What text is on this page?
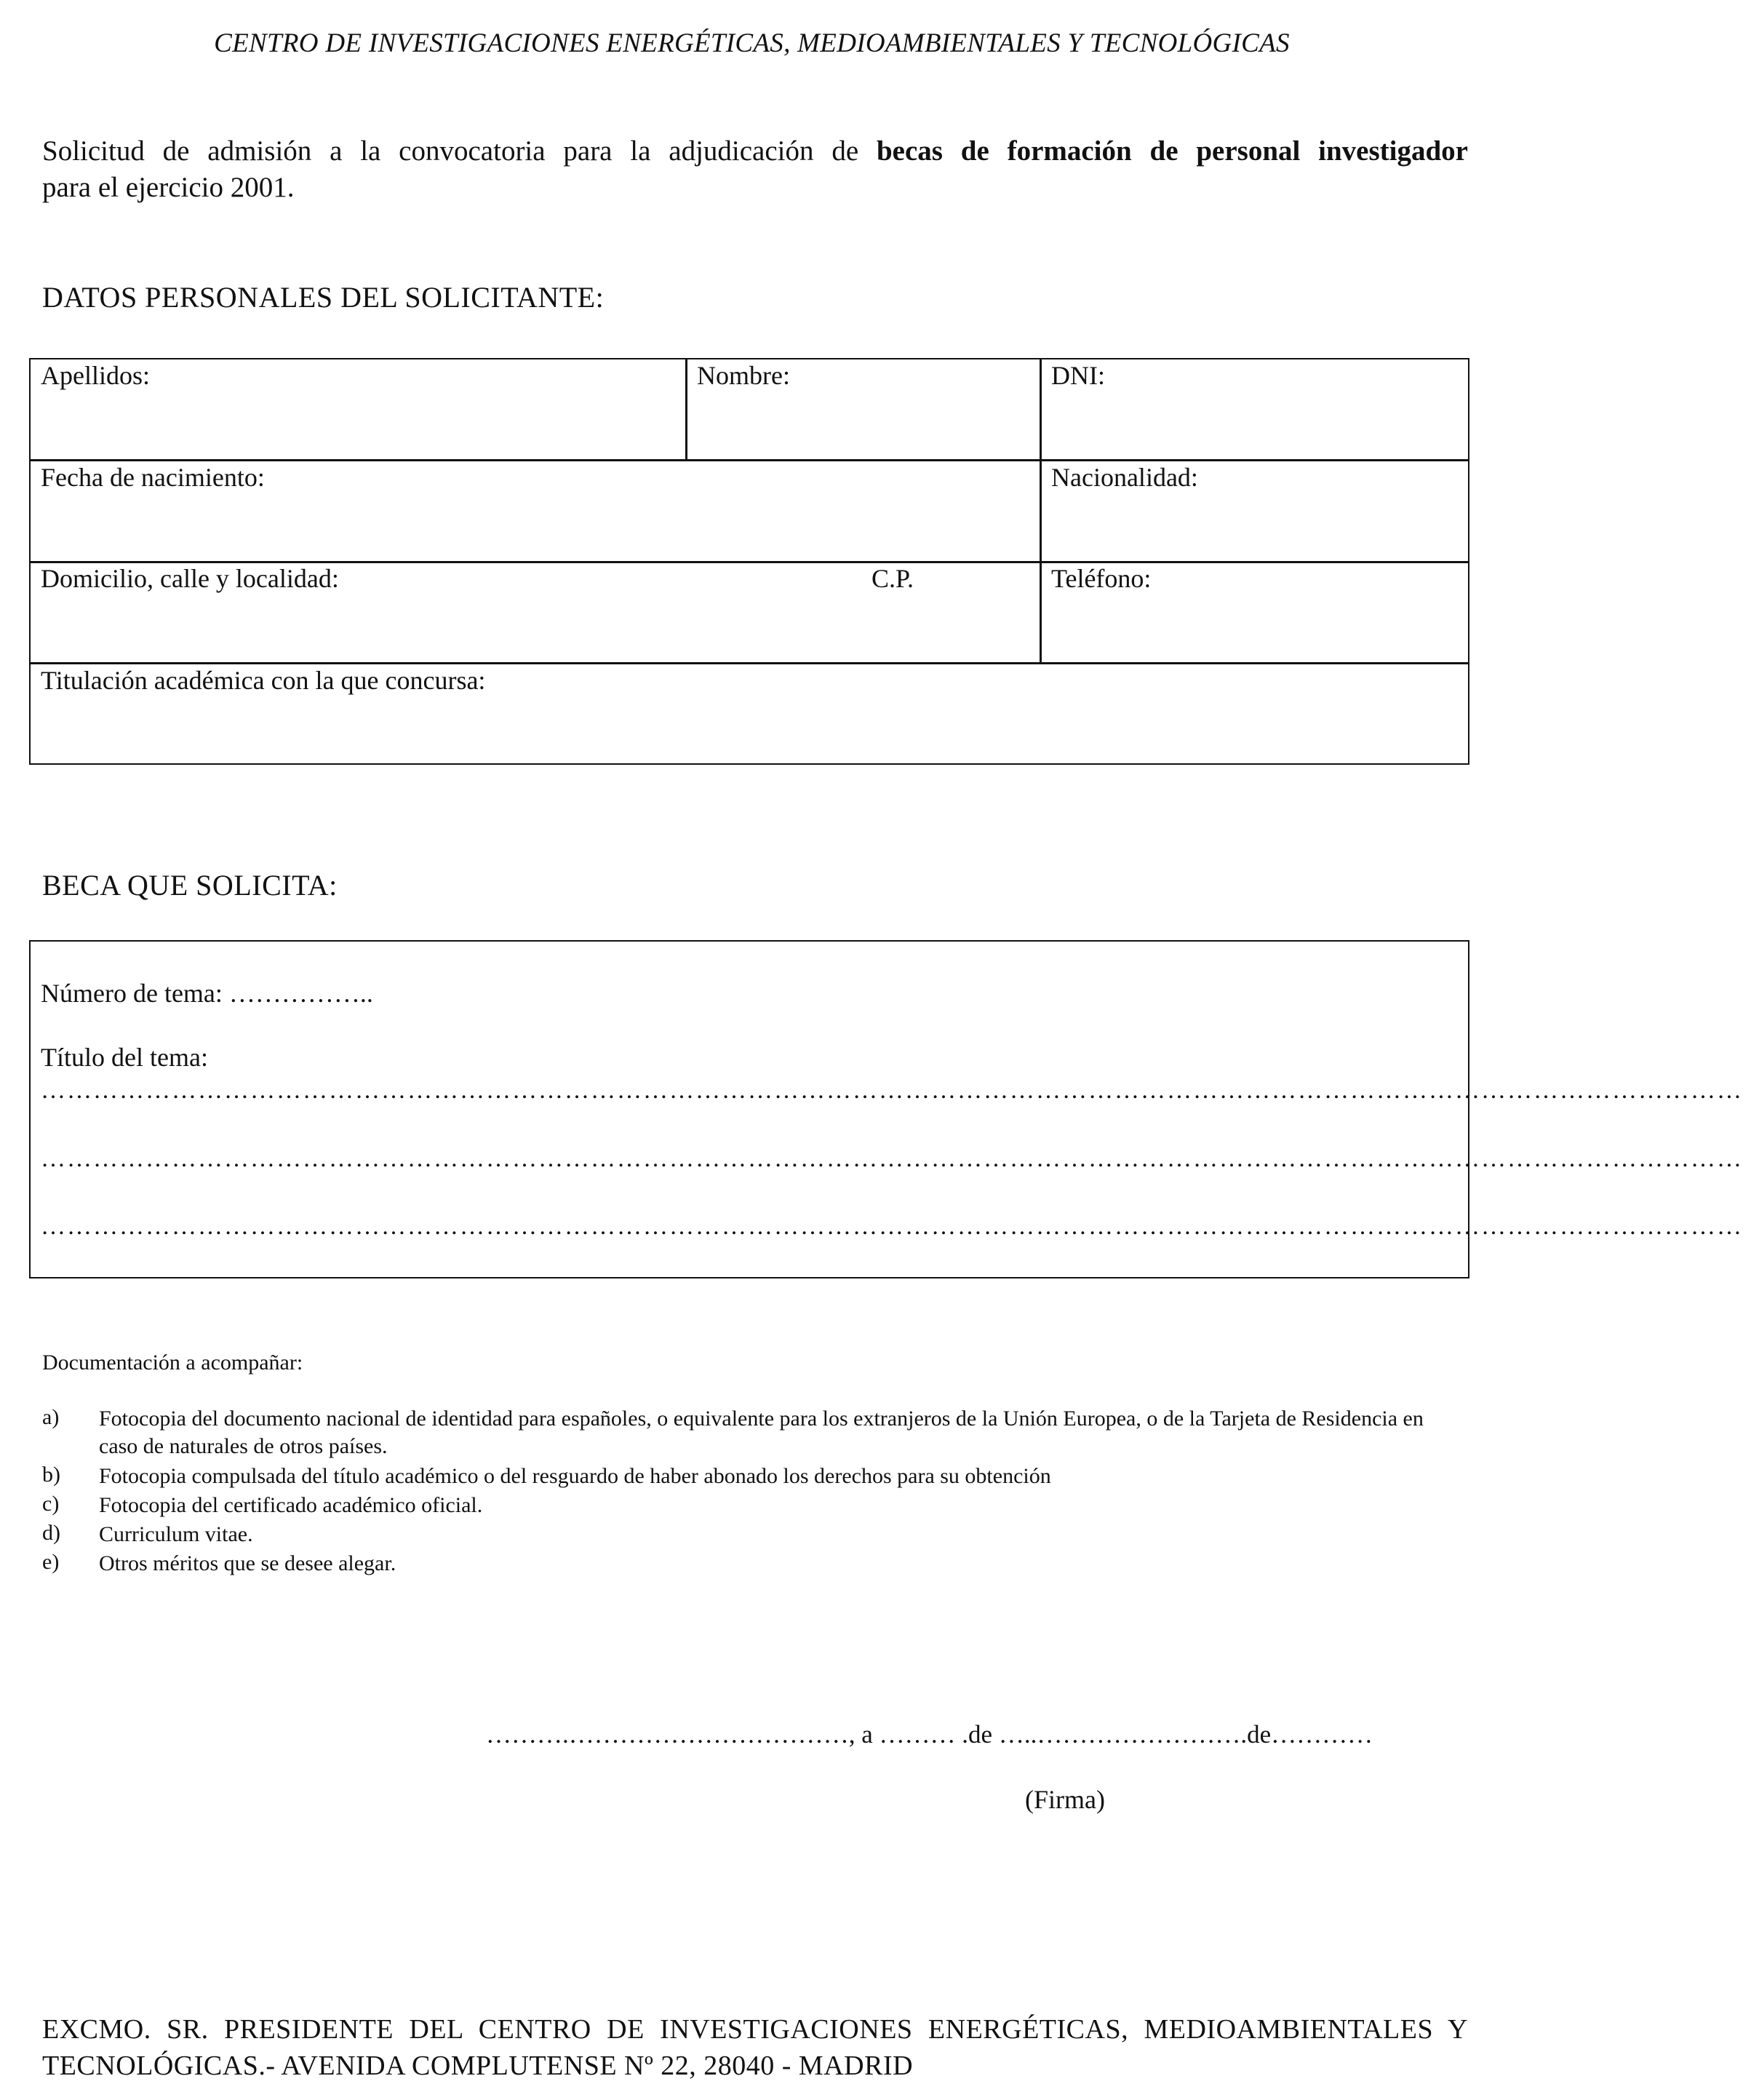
CENTRO DE INVESTIGACIONES ENERGÉTICAS, MEDIOAMBIENTALES Y TECNOLÓGICAS
Solicitud de admisión a la convocatoria para la adjudicación de becas de formación de personal investigador
para el ejercicio 2001.
DATOS PERSONALES DEL SOLICITANTE:
Apellidos:	Nombre:	DNI:
Fecha de nacimiento:	Nacionalidad:
Domicilio, calle y localidad:	C.P.	Teléfono:
Titulación académica con la que concursa:
BECA QUE SOLICITA:
Número de tema: ……………..
Título del tema:
……………………………………………………………………………………………………………………………………………………………………………
……………………………………………………………………………………………………………………………………………………………………………
……………………………………………………………………………………………………………………………………………………………………………
Documentación a acompañar:
a)	Fotocopia del documento nacional de identidad para españoles, o equivalente para los extranjeros de la Unión Europea, o de la Tarjeta de Residencia en caso de naturales de otros países.
b)	Fotocopia compulsada del título académico o del resguardo de haber abonado los derechos para su obtención
c)	Fotocopia del certificado académico oficial.
d)	Curriculum vitae.
e)	Otros méritos que se desee alegar.
……….……………………………, a ……… .de …..…………………….de…………
(Firma)
EXCMO. SR. PRESIDENTE DEL CENTRO DE INVESTIGACIONES ENERGÉTICAS, MEDIOAMBIENTALES Y
TECNOLÓGICAS.- AVENIDA COMPLUTENSE Nº 22, 28040 - MADRID
